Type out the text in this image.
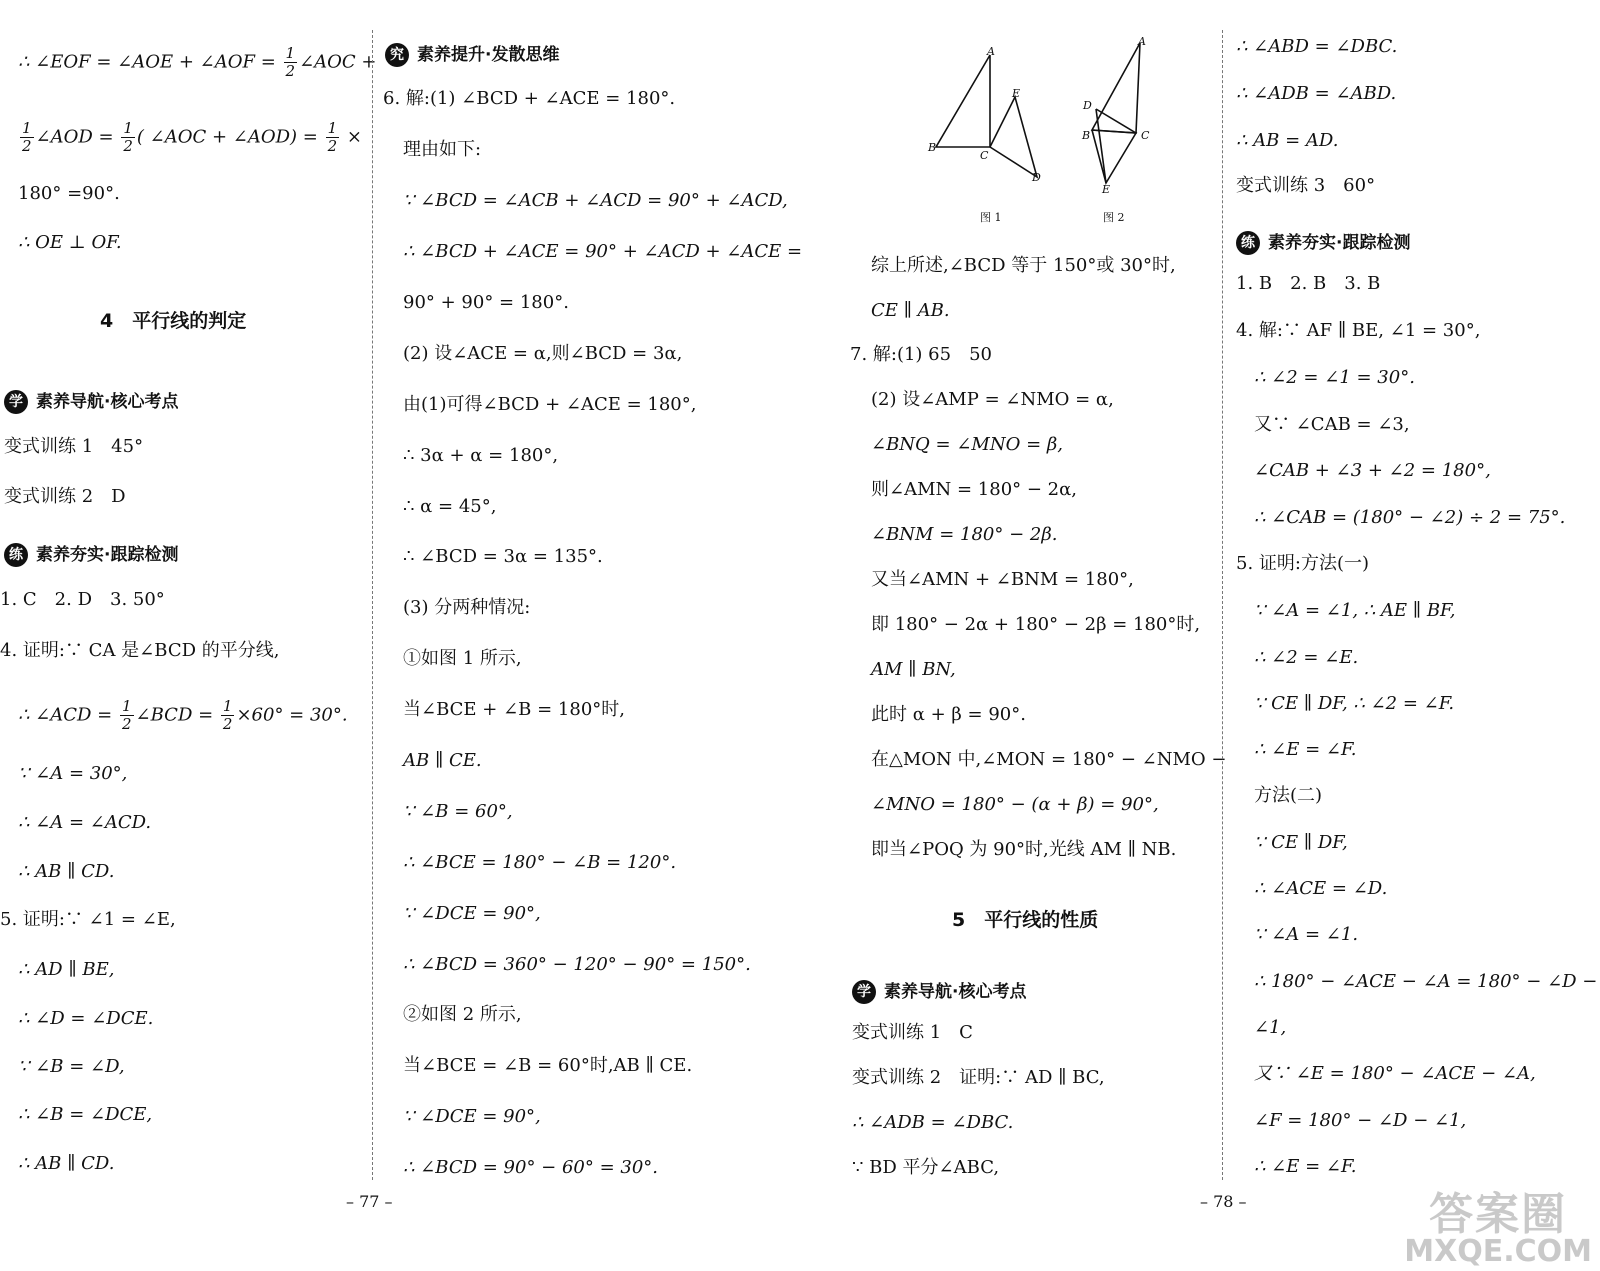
∴ ∠EOF = ∠AOE + ∠AOF = $\frac{1}{2}$ ∠AOC +
$\frac{1}{2}$ ∠AOD = $\frac{1}{2}$ ( ∠AOC + ∠AOD) = $\frac{1}{2}$ ×
180° =90°.
∴ OE ⊥ OF.
4　平行线的判定
学 素养导航·核心考点
变式训练 1　45°
变式训练 2　D
练 素养夯实·跟踪检测
1. C　2. D　3. 50°
4. 证明:∵ CA 是∠BCD 的平分线,
∴ ∠ACD = $\frac{1}{2}$ ∠BCD = $\frac{1}{2} \times 60^\circ = 30^\circ$.
∵ ∠A = 30°,
∴ ∠A = ∠ACD.
∴ AB ∥ CD.
5. 证明:∵ ∠1 = ∠E,
∴ AD ∥ BE,
∴ ∠D = ∠DCE.
∵ ∠B = ∠D,
∴ ∠B = ∠DCE,
∴ AB ∥ CD.
究 素养提升·发散思维
6. 解:(1) ∠BCD + ∠ACE = 180°.
理由如下:
∵ ∠BCD = ∠ACB + ∠ACD = 90° + ∠ACD,
∴ ∠BCD + ∠ACE = 90° + ∠ACD + ∠ACE =
90° + 90° = 180°.
(2) 设∠ACE = α,则∠BCD = 3α,
由(1)可得∠BCD + ∠ACE = 180°,
∴ 3α + α = 180°,
∴ α = 45°,
∴ ∠BCD = 3α = 135°.
(3) 分两种情况:
①如图 1 所示,
当∠BCE + ∠B = 180°时,
AB ∥ CE.
∵ ∠B = 60°,
∴ ∠BCE = 180° − ∠B = 120°.
∵ ∠DCE = 90°,
∴ ∠BCD = 360° − 120° − 90° = 150°.
②如图 2 所示,
当∠BCE = ∠B = 60°时,AB ∥ CE.
∵ ∠DCE = 90°,
∴ ∠BCD = 90° − 60° = 30°.
A
B
C
D
E
图 1
A
B	C
D
E
图 2
综上所述,∠BCD 等于 150°或 30°时,
CE ∥ AB.
7. 解:(1) 65　50
(2) 设∠AMP = ∠NMO = α,
∠BNQ = ∠MNO = β,
则∠AMN = 180° − 2α,
∠BNM = 180° − 2β.
又当∠AMN + ∠BNM = 180°,
即 180° − 2α + 180° − 2β = 180°时,
AM ∥ BN,
此时 α + β = 90°.
在△MON 中,∠MON = 180° − ∠NMO −
∠MNO = 180° − (α + β) = 90°,
即当∠POQ 为 90°时,光线 AM ∥ NB.
5　平行线的性质
学 素养导航·核心考点
变式训练 1　C
变式训练 2　证明:∵ AD ∥ BC,
∴ ∠ADB = ∠DBC.
∵ BD 平分∠ABC,
∴ ∠ABD = ∠DBC.
∴ ∠ADB = ∠ABD.
∴ AB = AD.
变式训练 3　60°
练 素养夯实·跟踪检测
1. B　2. B　3. B
4. 解:∵ AF ∥ BE, ∠1 = 30°,
∴ ∠2 = ∠1 = 30°.
又∵ ∠CAB = ∠3,
∠CAB + ∠3 + ∠2 = 180°,
∴ ∠CAB = (180° − ∠2) ÷ 2 = 75°.
5. 证明:方法(一)
∵ ∠A = ∠1, ∴ AE ∥ BF,
∴ ∠2 = ∠E.
∵ CE ∥ DF, ∴ ∠2 = ∠F.
∴ ∠E = ∠F.
方法(二)
∵ CE ∥ DF,
∴ ∠ACE = ∠D.
∵ ∠A = ∠1.
∴ 180° − ∠ACE − ∠A = 180° − ∠D −
∠1,
又∵ ∠E = 180° − ∠ACE − ∠A,
∠F = 180° − ∠D − ∠1,
∴ ∠E = ∠F.
– 77 –	– 78 –	答案圈
MXQE.COM
